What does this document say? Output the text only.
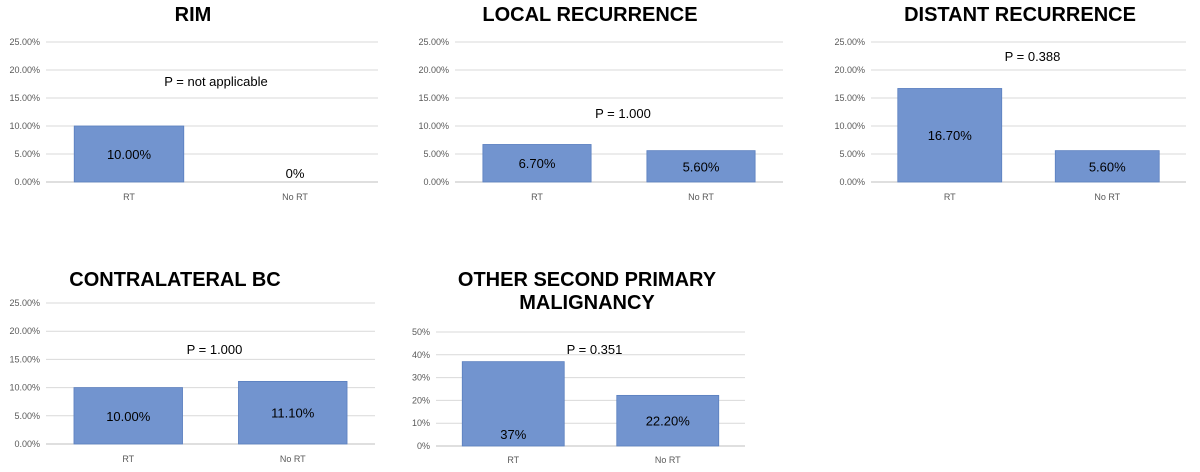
RIM
0.00%
5.00%
10.00%
15.00%
20.00%
25.00%
10.00%
RT
0%
No RT
P = not applicable
LOCAL RECURRENCE
0.00%
5.00%
10.00%
15.00%
20.00%
25.00%
6.70%
RT
5.60%
No RT
P = 1.000
DISTANT RECURRENCE
0.00%
5.00%
10.00%
15.00%
20.00%
25.00%
16.70%
RT
5.60%
No RT
P = 0.388
CONTRALATERAL BC
0.00%
5.00%
10.00%
15.00%
20.00%
25.00%
10.00%
RT
11.10%
No RT
P = 1.000
OTHER SECOND PRIMARY
MALIGNANCY
0%
10%
20%
30%
40%
50%
37%
RT
22.20%
No RT
P = 0.351
